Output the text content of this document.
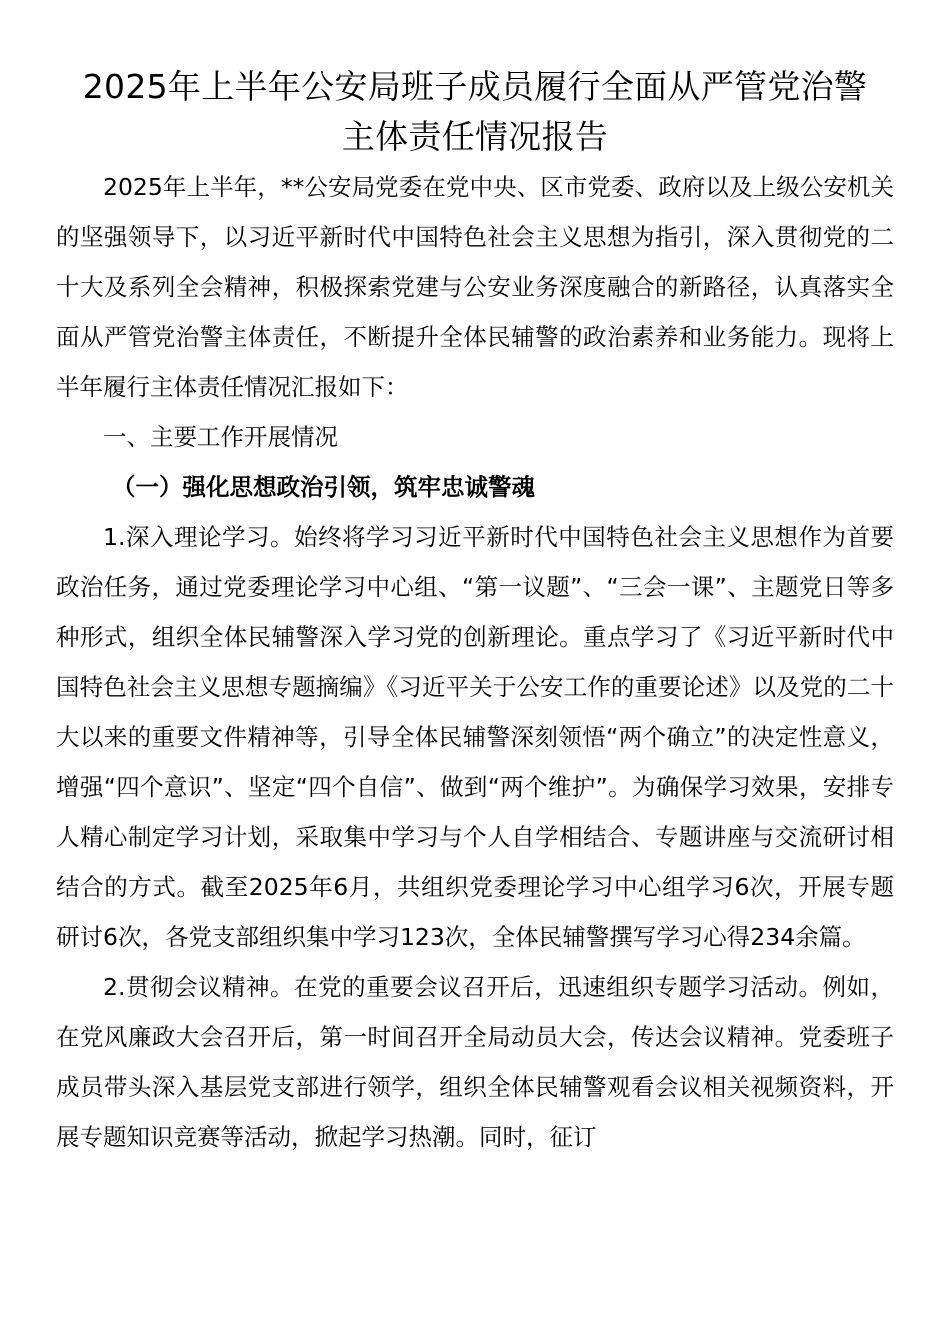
2025年上半年公安局班子成员履行全面从严管党治警
主体责任情况报告

2025年上半年，**公安局党委在党中央、区市党委、政府以及上级公安机关的坚强领导下，以习近平新时代中国特色社会主义思想为指引，深入贯彻党的二十大及系列全会精神，积极探索党建与公安业务深度融合的新路径，认真落实全面从严管党治警主体责任，不断提升全体民辅警的政治素养和业务能力。现将上半年履行主体责任情况汇报如下：

一、主要工作开展情况

（一）强化思想政治引领，筑牢忠诚警魂

1.深入理论学习。始终将学习习近平新时代中国特色社会主义思想作为首要政治任务，通过党委理论学习中心组、“第一议题”、“三会一课”、主题党日等多种形式，组织全体民辅警深入学习党的创新理论。重点学习了《习近平新时代中国特色社会主义思想专题摘编》《习近平关于公安工作的重要论述》以及党的二十大以来的重要文件精神等，引导全体民辅警深刻领悟“两个确立”的决定性意义，增强“四个意识”、坚定“四个自信”、做到“两个维护”。为确保学习效果，安排专人精心制定学习计划，采取集中学习与个人自学相结合、专题讲座与交流研讨相结合的方式。截至2025年6月，共组织党委理论学习中心组学习6次，开展专题研讨6次，各党支部组织集中学习123次，全体民辅警撰写学习心得234余篇。

2.贯彻会议精神。在党的重要会议召开后，迅速组织专题学习活动。例如，在党风廉政大会召开后，第一时间召开全局动员大会，传达会议精神。党委班子成员带头深入基层党支部进行领学，组织全体民辅警观看会议相关视频资料，开展专题知识竞赛等活动，掀起学习热潮。同时，征订
